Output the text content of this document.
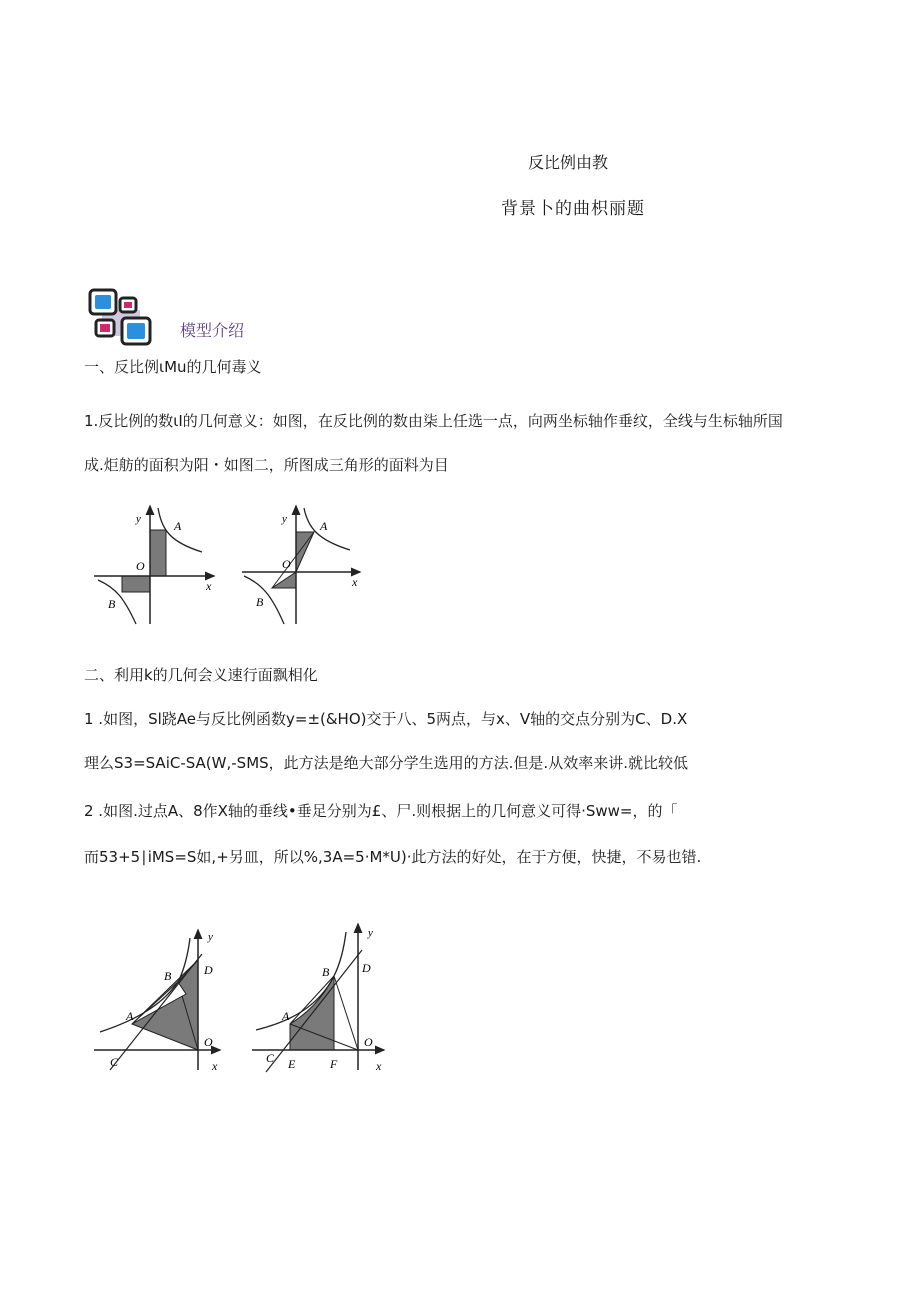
反比例由教
背景卜的曲枳丽题
模型介绍
一、反比例ιMu的几何毒义
1.反比例的数ιI的几何意义：如图，在反比例的数由柒上任选一点，向两坐标轴作垂纹，全线与生标轴所国
成.炬舫的面积为阳・如图二，所图成三角形的面料为目
y	A
O
x
B
y	A
O
x
B
二、利用k的几何会义速行面飘相化
1 .如图，Sl跷Ae与反比例函数y=±(&HO)交于八、5两点，与x、V轴的交点分别为C、D.X
理么S3=SAiC-SA(W,-SMS，此方法是绝大部分学生选用的方法.但是.从效率来讲.就比较低
2 .如图.过点A、8作X轴的垂线•垂足分别为£、尸.则根据上的几何意义可得·Sww=，的「
而53+5∣iMS=S如,+另皿，所以%,3A=5·M*U)·此方法的好处，在于方便，快捷，不易也错.
y
D
B
A
O
C	x
y
D
B
A
O
C E	F	x
